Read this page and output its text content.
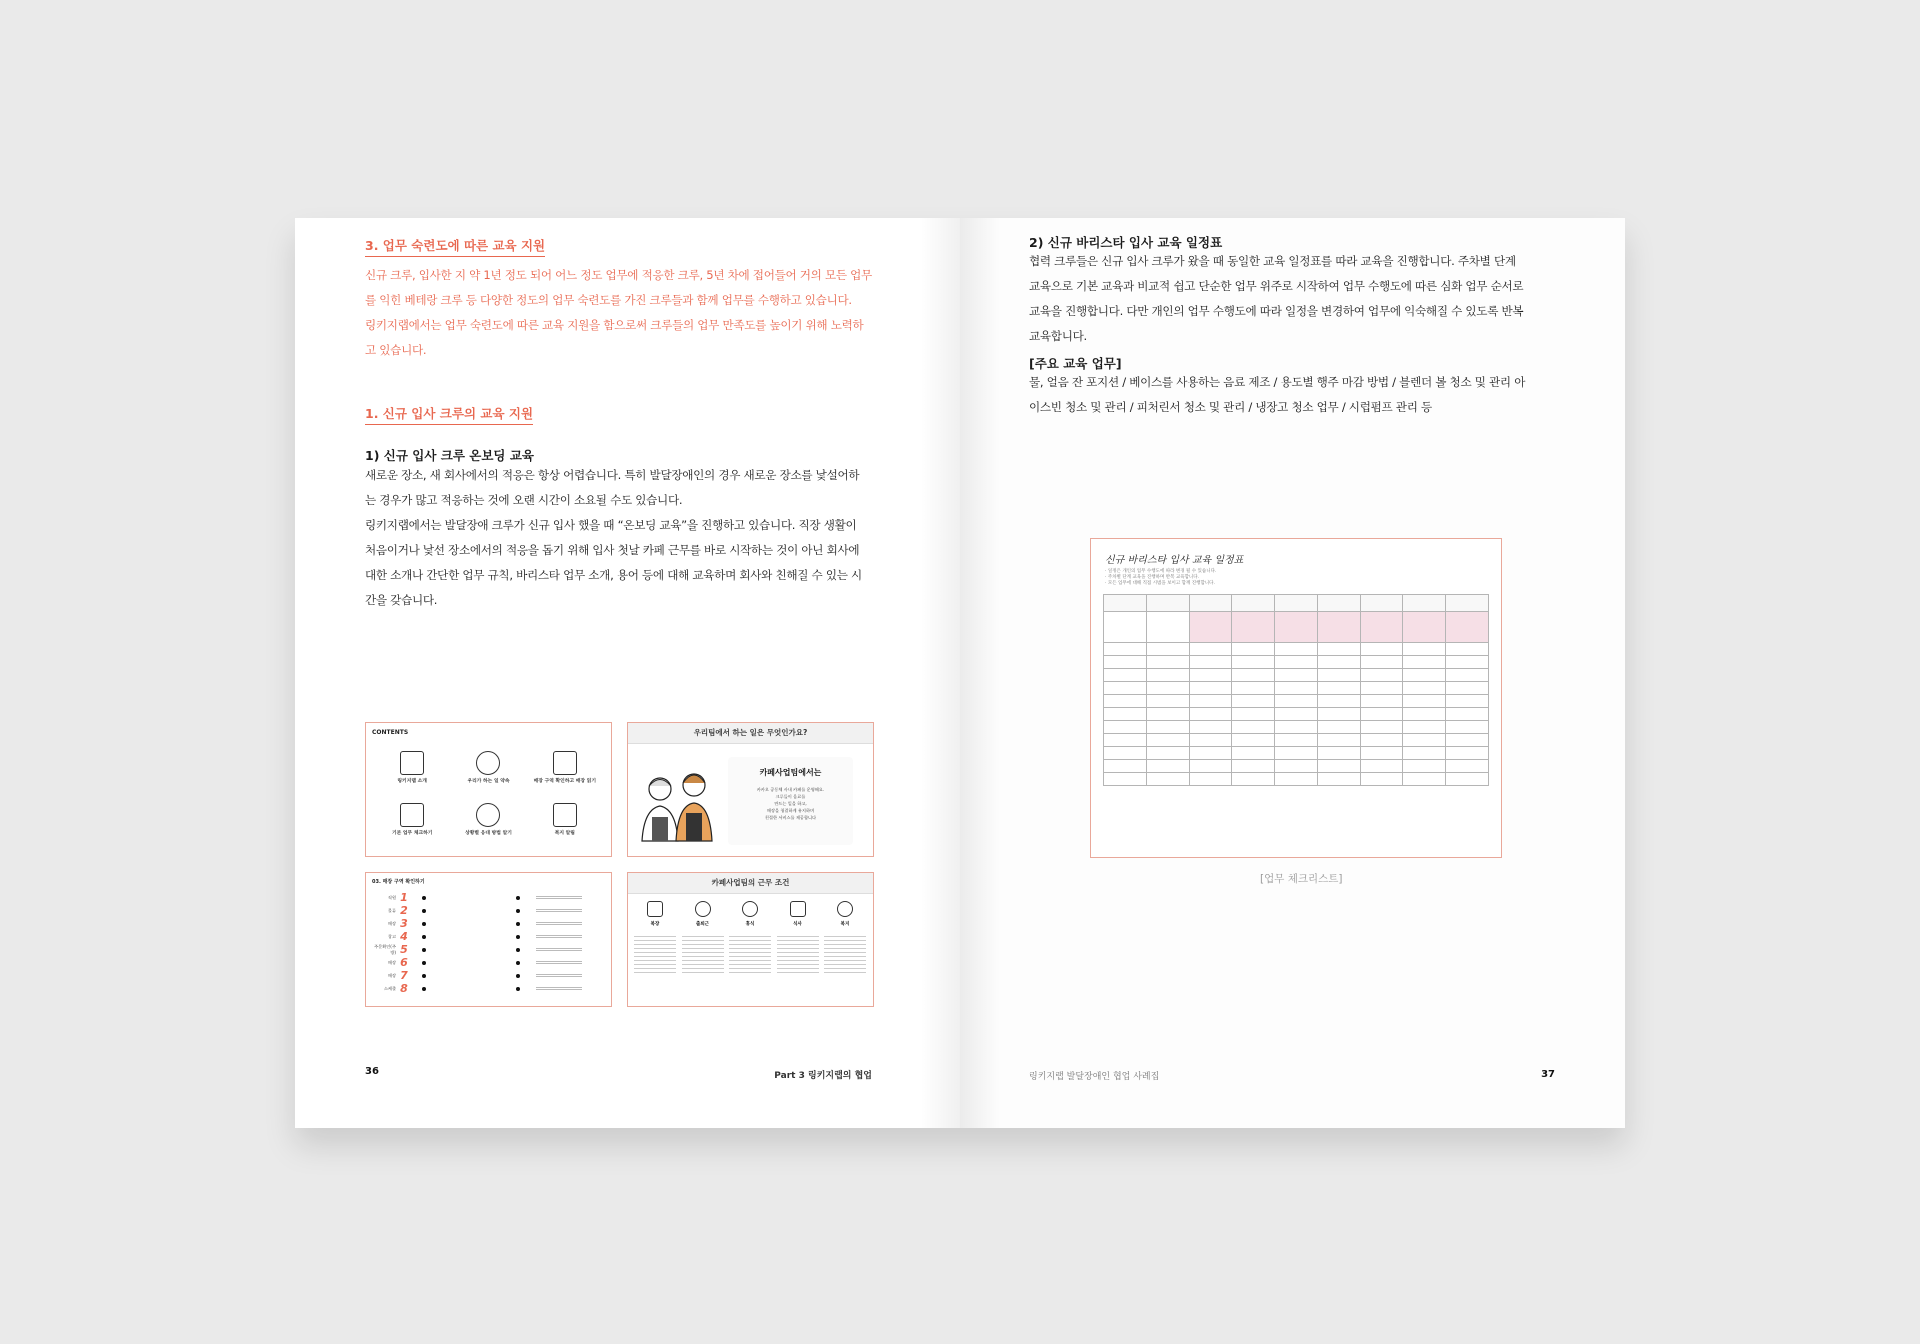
3. 업무 숙련도에 따른 교육 지원
신규 크루, 입사한 지 약 1년 정도 되어 어느 정도 업무에 적응한 크루, 5년 차에 접어들어 거의 모든 업무
를 익힌 베테랑 크루 등 다양한 정도의 업무 숙련도를 가진 크루들과 함께 업무를 수행하고 있습니다.
링키지랩에서는 업무 숙련도에 따른 교육 지원을 함으로써 크루들의 업무 만족도를 높이기 위해 노력하
고 있습니다.
1. 신규 입사 크루의 교육 지원
1) 신규 입사 크루 온보딩 교육
새로운 장소, 새 회사에서의 적응은 항상 어렵습니다. 특히 발달장애인의 경우 새로운 장소를 낯설어하
는 경우가 많고 적응하는 것에 오랜 시간이 소요될 수도 있습니다.
링키지랩에서는 발달장애 크루가 신규 입사 했을 때 “온보딩 교육”을 진행하고 있습니다. 직장 생활이
처음이거나 낯선 장소에서의 적응을 돕기 위해 입사 첫날 카페 근무를 바로 시작하는 것이 아닌 회사에
대한 소개나 간단한 업무 규칙, 바리스타 업무 소개, 용어 등에 대해 교육하며 회사와 친해질 수 있는 시
간을 갖습니다.
CONTENTS
링키지랩 소개	우리가 하는 일 약속	매장 구역 확인하고 매장 읽기
기본 업무 체크하기	상황별 응대 방법 알기	복지 알림
우리팀에서 하는 일은 무엇인가요?
카페사업팀에서는
카카오 공동체 사내 카페를 운영해요.
크루들이 음료를
만드는 일을 하고,
매장을 청결하게 유지하며
친절한 서비스를 제공합니다
03. 매장 구역 확인하기
직원 1
물류 2
매장 3
창고 4
주문확인(주방) 5
매장 6
매장 7
스케쥴 8
카페사업팀의 근무 조건
복장	출퇴근	휴식	식사	복지
36	Part 3 링키지랩의 협업
2) 신규 바리스타 입사 교육 일정표
협력 크루들은 신규 입사 크루가 왔을 때 동일한 교육 일정표를 따라 교육을 진행합니다. 주차별 단계
교육으로 기본 교육과 비교적 쉽고 단순한 업무 위주로 시작하여 업무 수행도에 따른 심화 업무 순서로
교육을 진행합니다. 다만 개인의 업무 수행도에 따라 일정을 변경하여 업무에 익숙해질 수 있도록 반복
교육합니다.
[주요 교육 업무]
물, 얼음 잔 포지션 / 베이스를 사용하는 음료 제조 / 용도별 행주 마감 방법 / 블렌더 볼 청소 및 관리 아
이스빈 청소 및 관리 / 피처린서 청소 및 관리 / 냉장고 청소 업무 / 시럽펌프 관리 등
신규 바리스타 입사 교육 일정표
· 일정은 개인의 업무 수행도에 따라 변경 될 수 있습니다.
· 주차별 단계 교육을 진행하며 반복 교육합니다.
· 모든 업무에 대해 직접 시범을 보이고 함께 진행합니다.

[업무 체크리스트]
링키지랩 발달장애인 협업 사례집	37
